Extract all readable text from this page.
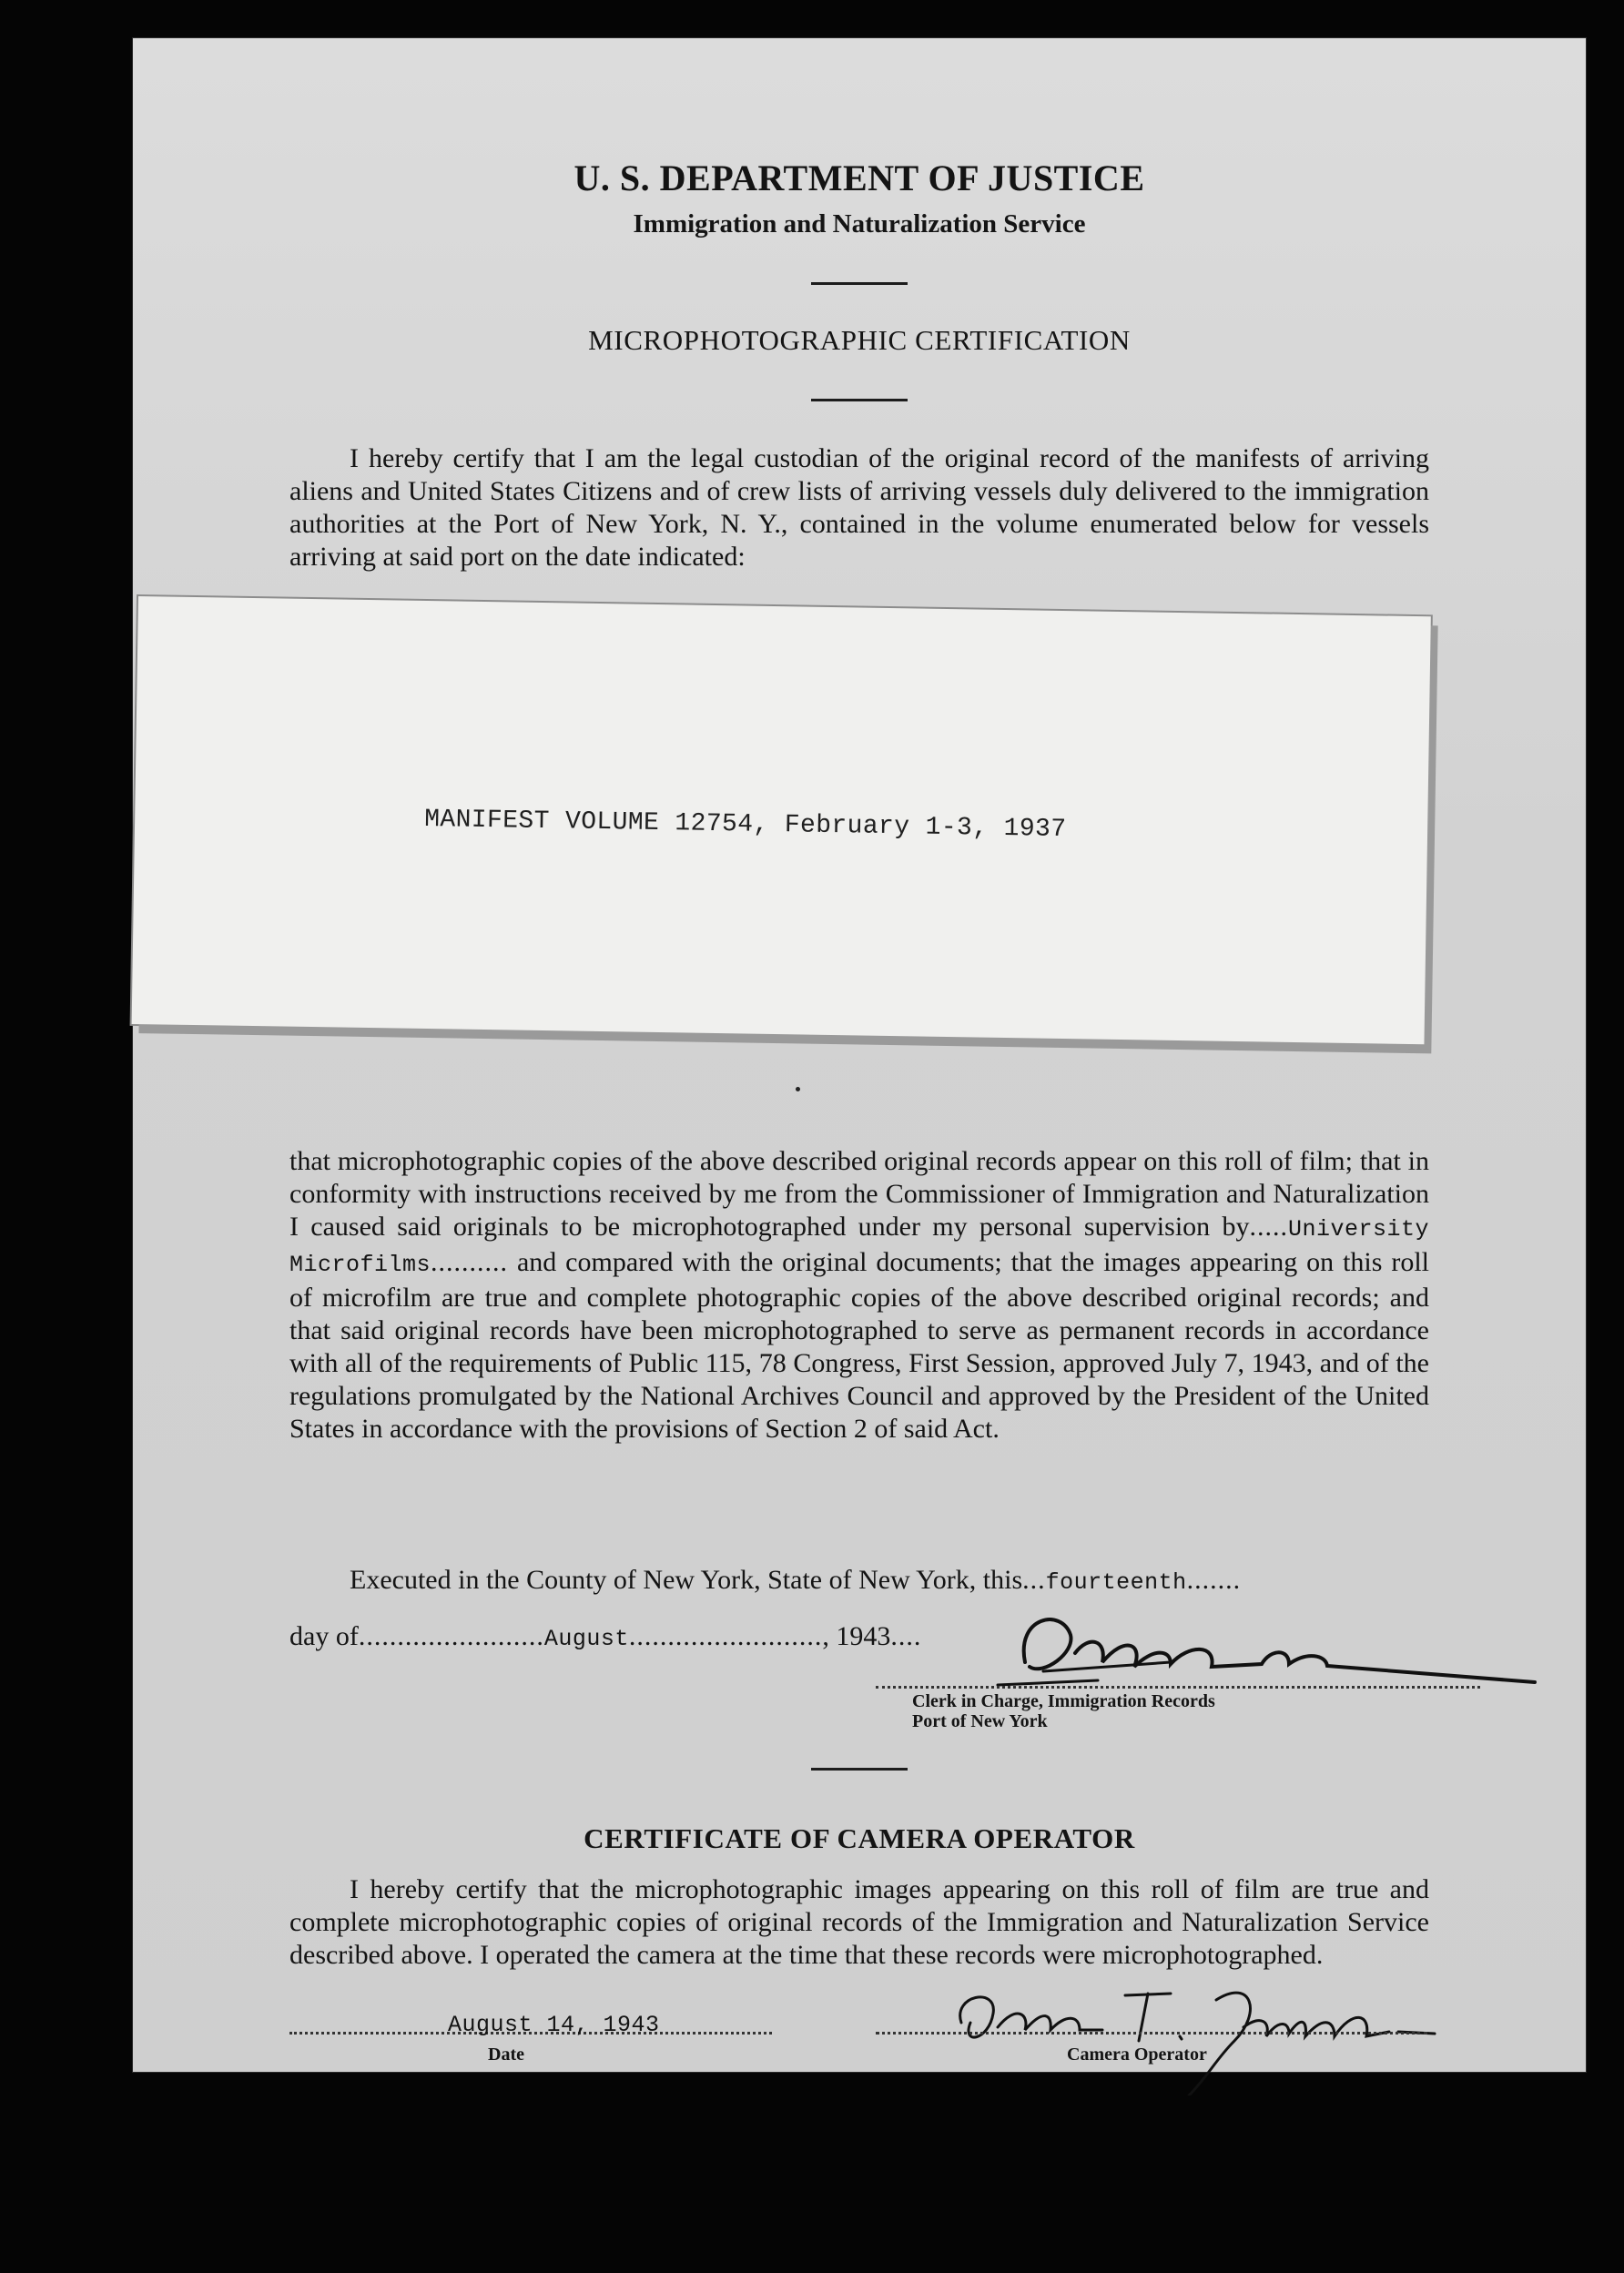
U. S. DEPARTMENT OF JUSTICE
Immigration and Naturalization Service
MICROPHOTOGRAPHIC CERTIFICATION
I hereby certify that I am the legal custodian of the original record of the manifests of arriving aliens and United States Citizens and of crew lists of arriving vessels duly delivered to the immigration authorities at the Port of New York, N. Y., contained in the volume enumerated below for vessels arriving at said port on the date indicated:
MANIFEST VOLUME 12754, February 1-3, 1937
that microphotographic copies of the above described original records appear on this roll of film; that in conformity with instructions received by me from the Commissioner of Immigration and Naturalization I caused said originals to be microphotographed under my personal supervision by.....University Microfilms.......... and compared with the original documents; that the images appearing on this roll of microfilm are true and complete photographic copies of the above described original records; and that said original records have been microphotographed to serve as permanent records in accordance with all of the requirements of Public 115, 78 Congress, First Session, approved July 7, 1943, and of the regulations promulgated by the National Archives Council and approved by the President of the United States in accordance with the provisions of Section 2 of said Act.
Executed in the County of New York, State of New York, this...fourteenth.......
day of........................August........................., 1943....
Clerk in Charge, Immigration Records
Port of New York
CERTIFICATE OF CAMERA OPERATOR
I hereby certify that the microphotographic images appearing on this roll of film are true and complete microphotographic copies of original records of the Immigration and Naturalization Service described above. I operated the camera at the time that these records were microphotographed.
August 14, 1943
Date	Camera Operator
